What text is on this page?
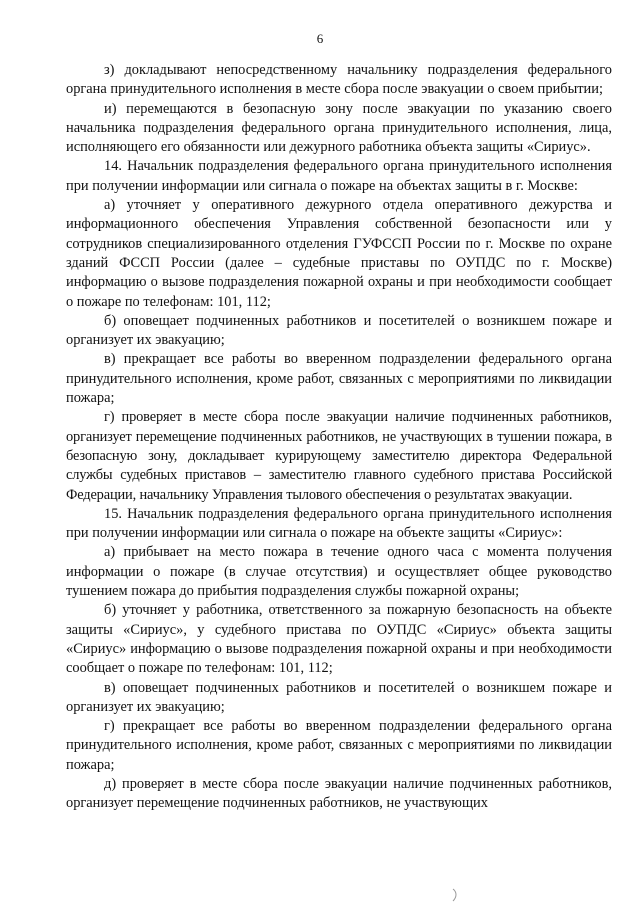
6

з) докладывают непосредственному начальнику подразделения федерального органа принудительного исполнения в месте сбора после эвакуации о своем прибытии;

и) перемещаются в безопасную зону после эвакуации по указанию своего начальника подразделения федерального органа принудительного исполнения, лица, исполняющего его обязанности или дежурного работника объекта защиты «Сириус».

14. Начальник подразделения федерального органа принудительного исполнения при получении информации или сигнала о пожаре на объектах защиты в г. Москве:

а) уточняет у оперативного дежурного отдела оперативного дежурства и информационного обеспечения Управления собственной безопасности или у сотрудников специализированного отделения ГУФССП России по г. Москве по охране зданий ФССП России (далее – судебные приставы по ОУПДС по г. Москве) информацию о вызове подразделения пожарной охраны и при необходимости сообщает о пожаре по телефонам: 101, 112;

б) оповещает подчиненных работников и посетителей о возникшем пожаре и организует их эвакуацию;

в) прекращает все работы во вверенном подразделении федерального органа принудительного исполнения, кроме работ, связанных с мероприятиями по ликвидации пожара;

г) проверяет в месте сбора после эвакуации наличие подчиненных работников, организует перемещение подчиненных работников, не участвующих в тушении пожара, в безопасную зону, докладывает курирующему заместителю директора Федеральной службы судебных приставов – заместителю главного судебного пристава Российской Федерации, начальнику Управления тылового обеспечения о результатах эвакуации.

15. Начальник подразделения федерального органа принудительного исполнения при получении информации или сигнала о пожаре на объекте защиты «Сириус»:

а) прибывает на место пожара в течение одного часа с момента получения информации о пожаре (в случае отсутствия) и осуществляет общее руководство тушением пожара до прибытия подразделения службы пожарной охраны;

б) уточняет у работника, ответственного за пожарную безопасность на объекте защиты «Сириус», у судебного пристава по ОУПДС «Сириус» объекта защиты «Сириус» информацию о вызове подразделения пожарной охраны и при необходимости сообщает о пожаре по телефонам: 101, 112;

в) оповещает подчиненных работников и посетителей о возникшем пожаре и организует их эвакуацию;

г) прекращает все работы во вверенном подразделении федерального органа принудительного исполнения, кроме работ, связанных с мероприятиями по ликвидации пожара;

д) проверяет в месте сбора после эвакуации наличие подчиненных работников, организует перемещение подчиненных работников, не участвующих
